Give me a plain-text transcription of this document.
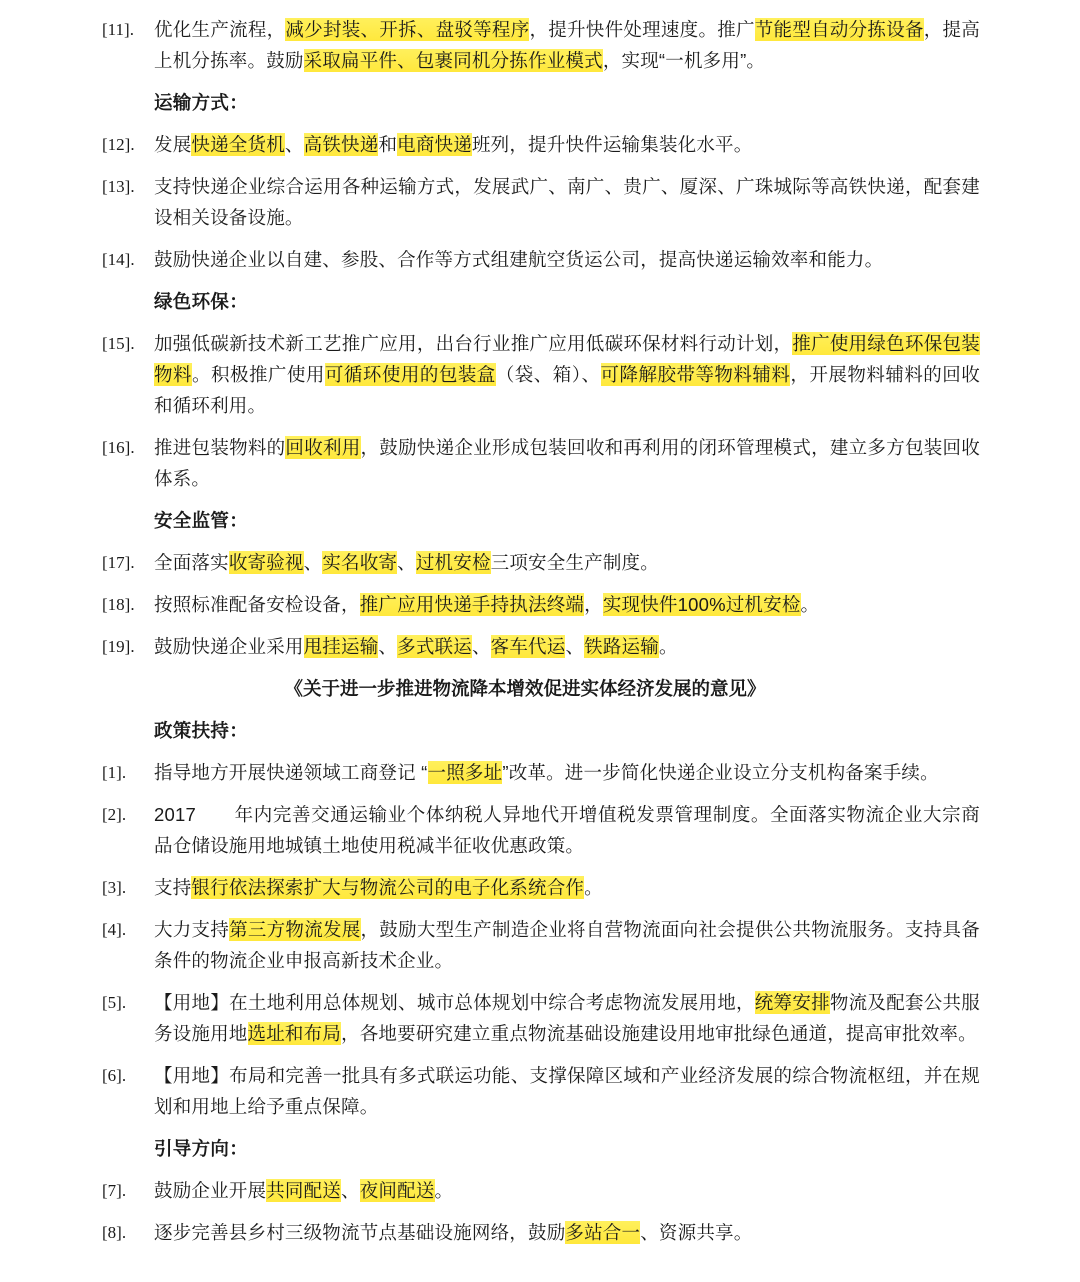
[11].	优化生产流程，减少封装、开拆、盘驳等程序，提升快件处理速度。推广节能型自动分拣设备，提高上机分拣率。鼓励采取扁平件、包裹同机分拣作业模式，实现“一机多用”。
运输方式：
[12].	发展快递全货机、高铁快递和电商快递班列，提升快件运输集装化水平。
[13].	支持快递企业综合运用各种运输方式，发展武广、南广、贵广、厦深、广珠城际等高铁快递，配套建设相关设备设施。
[14].	鼓励快递企业以自建、参股、合作等方式组建航空货运公司，提高快递运输效率和能力。
绿色环保：
[15].	加强低碳新技术新工艺推广应用，出台行业推广应用低碳环保材料行动计划，推广使用绿色环保包装物料。积极推广使用可循环使用的包装盒（袋、箱）、可降解胶带等物料辅料，开展物料辅料的回收和循环利用。
[16].	推进包装物料的回收利用，鼓励快递企业形成包装回收和再利用的闭环管理模式，建立多方包装回收体系。
安全监管：
[17].	全面落实收寄验视、实名收寄、过机安检三项安全生产制度。
[18].	按照标准配备安检设备，推广应用快递手持执法终端，实现快件100%过机安检。
[19].	鼓励快递企业采用甩挂运输、多式联运、客车代运、铁路运输。
《关于进一步推进物流降本增效促进实体经济发展的意见》
政策扶持：
[1].	指导地方开展快递领域工商登记 “一照多址”改革。进一步简化快递企业设立分支机构备案手续。
[2].	2017　　年内完善交通运输业个体纳税人异地代开增值税发票管理制度。全面落实物流企业大宗商品仓储设施用地城镇土地使用税减半征收优惠政策。
[3].	支持银行依法探索扩大与物流公司的电子化系统合作。
[4].	大力支持第三方物流发展，鼓励大型生产制造企业将自营物流面向社会提供公共物流服务。支持具备条件的物流企业申报高新技术企业。
[5].	【用地】在土地利用总体规划、城市总体规划中综合考虑物流发展用地，统筹安排物流及配套公共服务设施用地选址和布局，各地要研究建立重点物流基础设施建设用地审批绿色通道，提高审批效率。
[6].	【用地】布局和完善一批具有多式联运功能、支撑保障区域和产业经济发展的综合物流枢纽，并在规划和用地上给予重点保障。
引导方向：
[7].	鼓励企业开展共同配送、夜间配送。
[8].	逐步完善县乡村三级物流节点基础设施网络，鼓励多站合一、资源共享。
